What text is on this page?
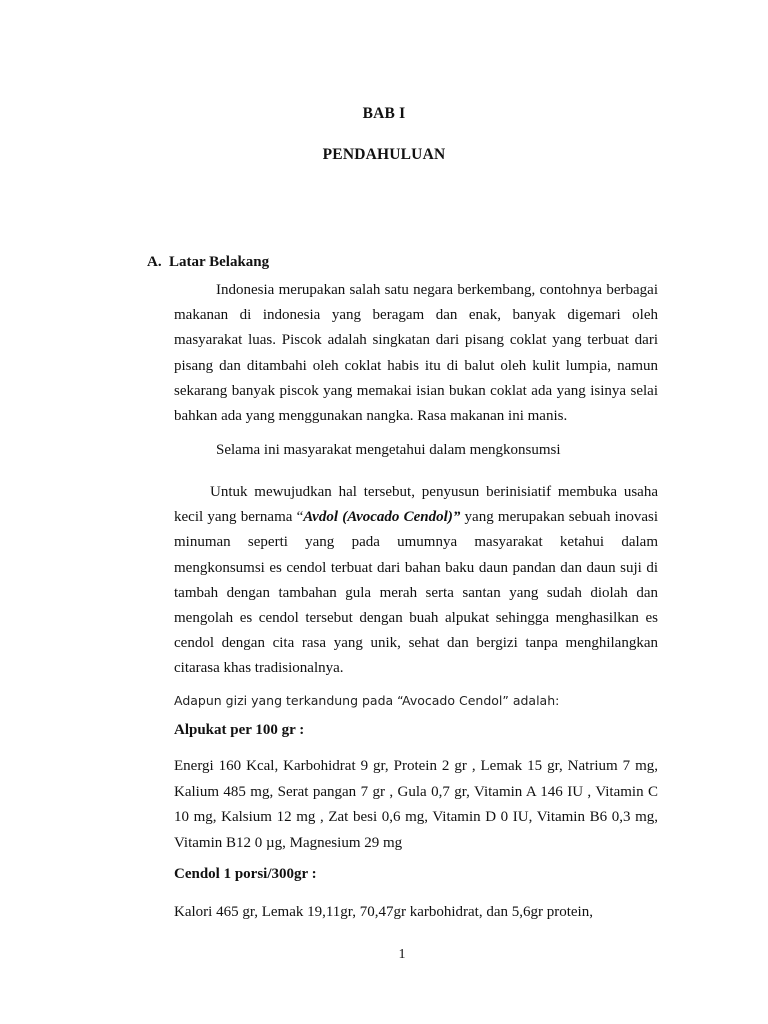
BAB I
PENDAHULUAN
A. Latar Belakang

Indonesia merupakan salah satu negara berkembang, contohnya berbagai makanan di indonesia yang beragam dan enak, banyak digemari oleh masyarakat luas. Piscok adalah singkatan dari pisang coklat yang terbuat dari pisang dan ditambahi oleh coklat habis itu di balut oleh kulit lumpia, namun sekarang banyak piscok yang memakai isian bukan coklat ada yang isinya selai bahkan ada yang menggunakan nangka. Rasa makanan ini manis.

Selama ini masyarakat mengetahui dalam mengkonsumsi

Untuk mewujudkan hal tersebut, penyusun berinisiatif membuka usaha kecil yang bernama “Avdol (Avocado Cendol)” yang merupakan sebuah inovasi minuman seperti yang pada umumnya masyarakat ketahui dalam mengkonsumsi es cendol terbuat dari bahan baku daun pandan dan daun suji di tambah dengan tambahan gula merah serta santan yang sudah diolah dan mengolah es cendol tersebut dengan buah alpukat sehingga menghasilkan es cendol dengan cita rasa yang unik, sehat dan bergizi tanpa menghilangkan citarasa khas tradisionalnya.

Adapun gizi yang terkandung pada “Avocado Cendol” adalah:
Alpukat per 100 gr :

Energi 160 Kcal, Karbohidrat 9 gr, Protein 2 gr , Lemak 15 gr, Natrium 7 mg, Kalium 485 mg, Serat pangan 7 gr , Gula 0,7 gr, Vitamin A 146 IU , Vitamin C 10 mg, Kalsium 12 mg , Zat besi 0,6 mg, Vitamin D 0 IU, Vitamin B6 0,3 mg, Vitamin B12 0 µg, Magnesium 29 mg

Cendol 1 porsi/300gr :

Kalori 465 gr, Lemak 19,11gr, 70,47gr karbohidrat, dan 5,6gr protein,

1
